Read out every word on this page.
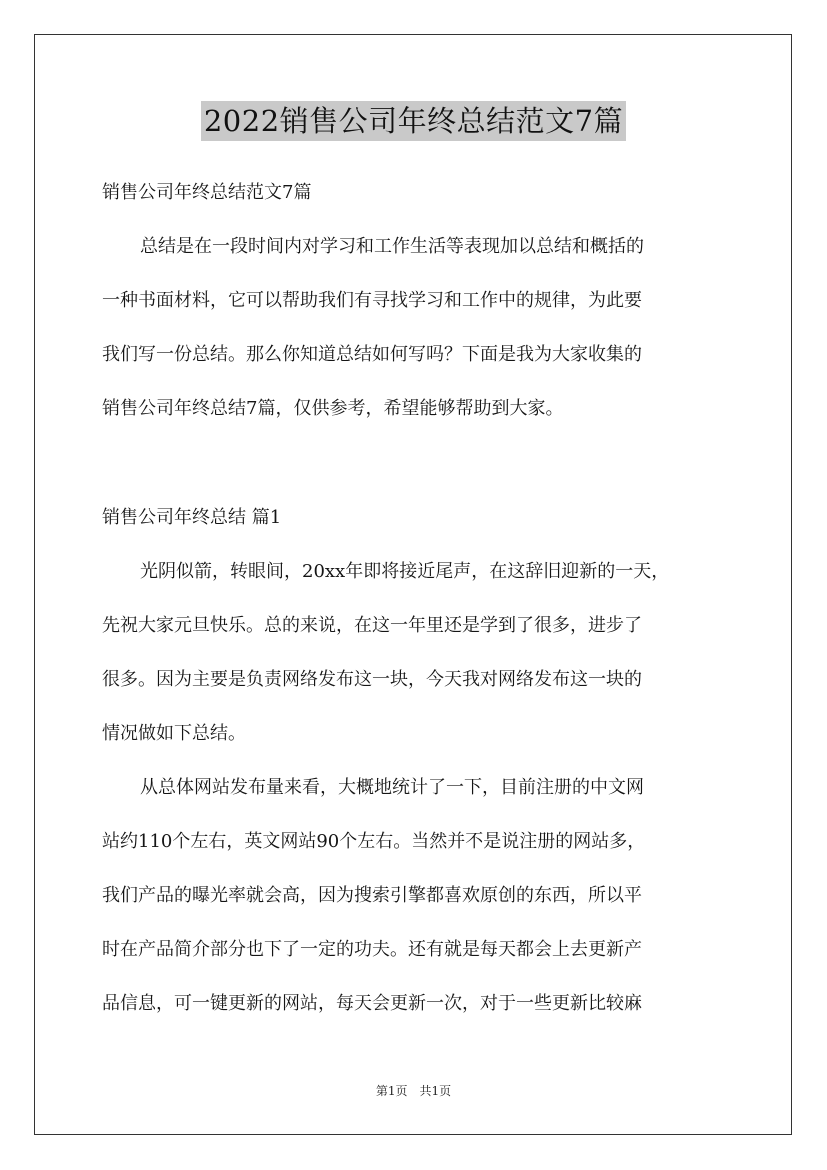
2022销售公司年终总结范文7篇
销售公司年终总结范文7篇
总结是在一段时间内对学习和工作生活等表现加以总结和概括的
一种书面材料，它可以帮助我们有寻找学习和工作中的规律，为此要
我们写一份总结。那么你知道总结如何写吗？下面是我为大家收集的
销售公司年终总结7篇，仅供参考，希望能够帮助到大家。
销售公司年终总结 篇1
光阴似箭，转眼间，20xx年即将接近尾声，在这辞旧迎新的一天，
先祝大家元旦快乐。总的来说，在这一年里还是学到了很多，进步了
很多。因为主要是负责网络发布这一块，今天我对网络发布这一块的
情况做如下总结。
从总体网站发布量来看，大概地统计了一下，目前注册的中文网
站约110个左右，英文网站90个左右。当然并不是说注册的网站多，
我们产品的曝光率就会高，因为搜索引擎都喜欢原创的东西，所以平
时在产品简介部分也下了一定的功夫。还有就是每天都会上去更新产
品信息，可一键更新的网站，每天会更新一次，对于一些更新比较麻
第1页　共1页
